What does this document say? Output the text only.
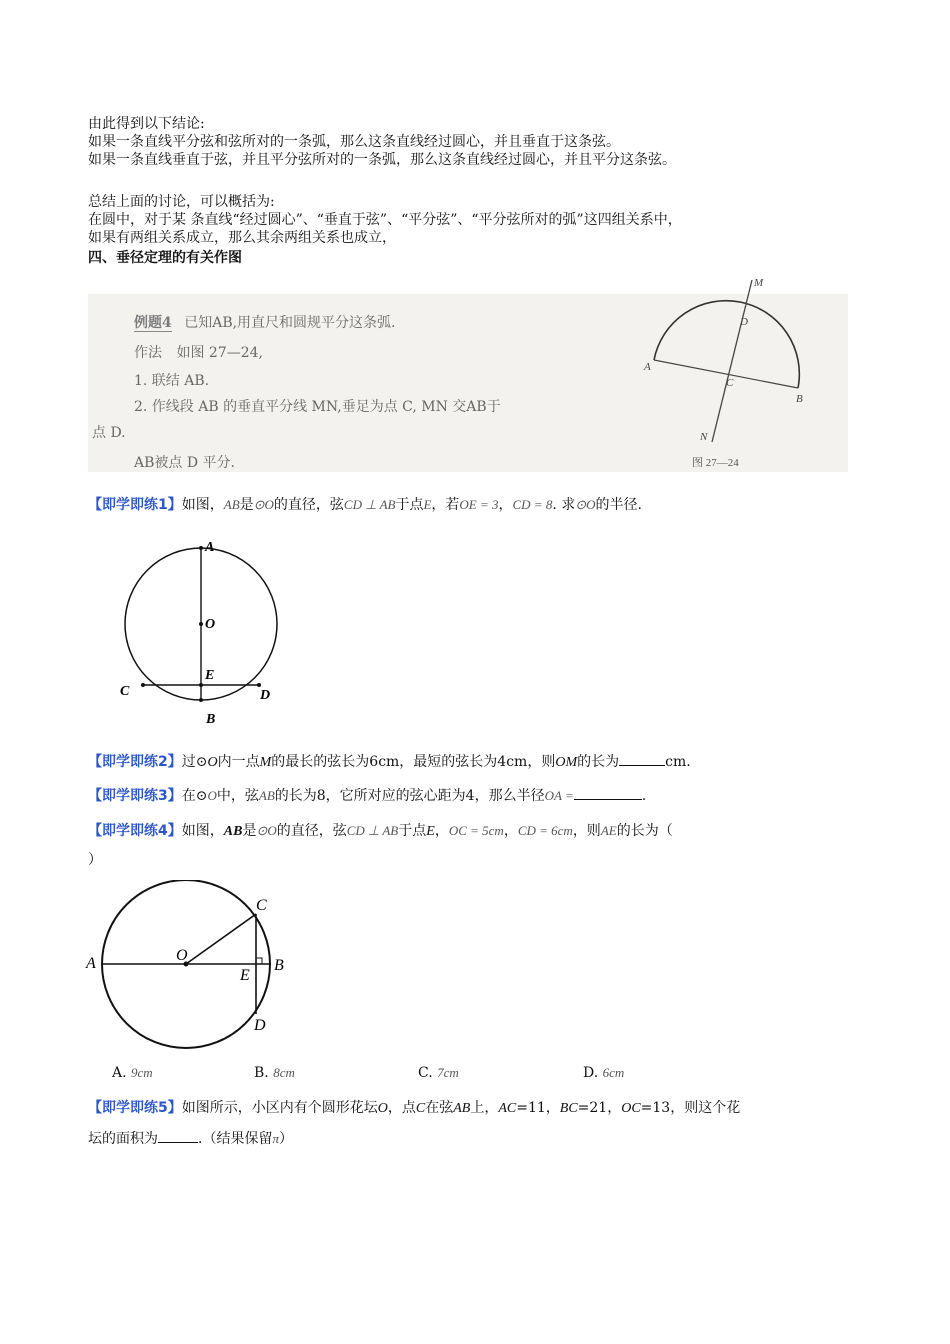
由此得到以下结论:
如果一条直线平分弦和弦所对的一条弧，那么这条直线经过圆心，并且垂直于这条弦。
如果一条直线垂直于弦，并且平分弦所对的一条弧，那么这条直线经过圆心，并且平分这条弦。
总结上面的讨论，可以概括为:
在圆中，对于某 条直线“经过圆心”、“垂直于弦”、“平分弦”、“平分弦所对的弧”这四组关系中，
如果有两组关系成立，那么其余两组关系也成立，
四、垂径定理的有关作图
例题4 已知AB,用直尺和圆规平分这条弧.
作法 如图 27—24,
1. 联结 AB.
2. 作线段 AB 的垂直平分线 MN,垂足为点 C, MN 交AB于
点 D.
AB被点 D 平分.
M
D
A
C
B
N
图 27—24
【即学即练1】如图，AB是⊙O的直径，弦CD ⊥ AB于点E，若OE = 3，CD = 8. 求⊙O的半径.
A
O
E
C	D
B
【即学即练2】过⊙O内一点M的最长的弦长为6cm，最短的弦长为4cm，则OM的长为	cm.
【即学即练3】在⊙O中，弦AB的长为8，它所对应的弦心距为4，那么半径OA =	.
【即学即练4】如图，AB是⊙O的直径，弦CD ⊥ AB于点E，OC = 5cm，CD = 6cm，则AE的长为（
）
A	O
C
E
B
D
A. 9cm	B. 8cm	C. 7cm	D. 6cm
【即学即练5】如图所示，小区内有个圆形花坛O，点C在弦AB上，AC=11，BC=21，OC=13，则这个花
坛的面积为	.（结果保留π）
